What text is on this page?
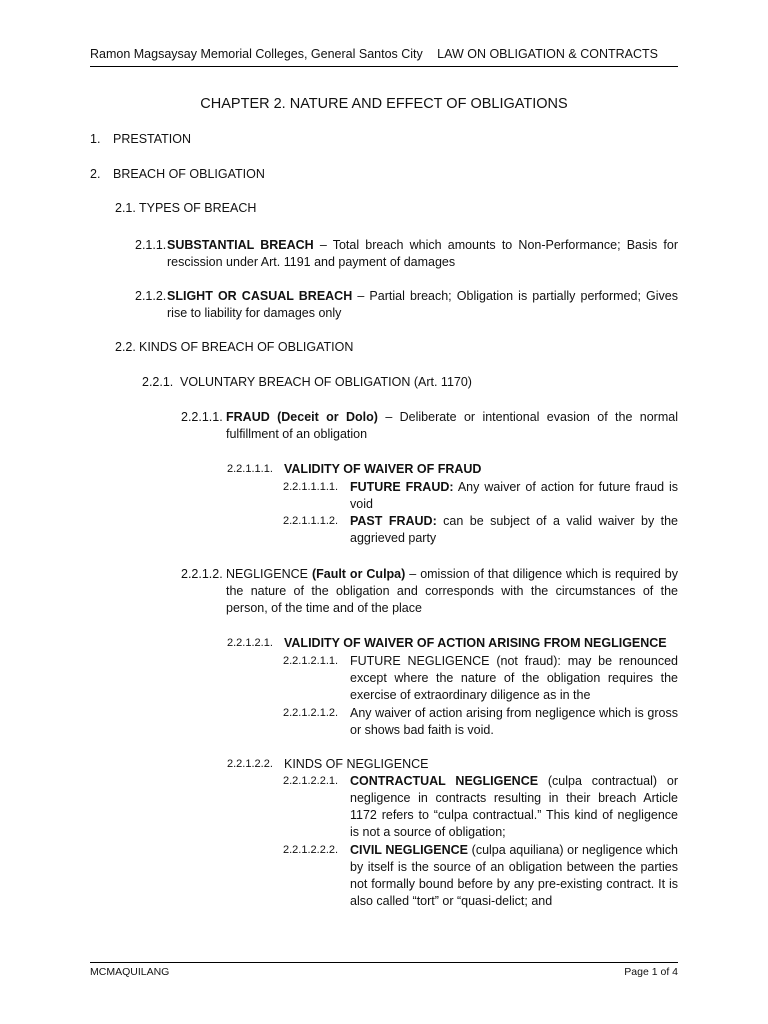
Ramon Magsaysay Memorial Colleges, General Santos City LAW ON OBLIGATION & CONTRACTS
CHAPTER 2. NATURE AND EFFECT OF OBLIGATIONS
1. PRESTATION
2. BREACH OF OBLIGATION
2.1. TYPES OF BREACH
2.1.1. SUBSTANTIAL BREACH – Total breach which amounts to Non-Performance; Basis for rescission under Art. 1191 and payment of damages
2.1.2. SLIGHT OR CASUAL BREACH – Partial breach; Obligation is partially performed; Gives rise to liability for damages only
2.2. KINDS OF BREACH OF OBLIGATION
2.2.1. VOLUNTARY BREACH OF OBLIGATION (Art. 1170)
2.2.1.1. FRAUD (Deceit or Dolo) – Deliberate or intentional evasion of the normal fulfillment of an obligation
2.2.1.1.1. VALIDITY OF WAIVER OF FRAUD
2.2.1.1.1.1. FUTURE FRAUD: Any waiver of action for future fraud is void
2.2.1.1.1.2. PAST FRAUD: can be subject of a valid waiver by the aggrieved party
2.2.1.2. NEGLIGENCE (Fault or Culpa) – omission of that diligence which is required by the nature of the obligation and corresponds with the circumstances of the person, of the time and of the place
2.2.1.2.1. VALIDITY OF WAIVER OF ACTION ARISING FROM NEGLIGENCE
2.2.1.2.1.1. FUTURE NEGLIGENCE (not fraud): may be renounced except where the nature of the obligation requires the exercise of extraordinary diligence as in the
2.2.1.2.1.2. Any waiver of action arising from negligence which is gross or shows bad faith is void.
2.2.1.2.2. KINDS OF NEGLIGENCE
2.2.1.2.2.1. CONTRACTUAL NEGLIGENCE (culpa contractual) or negligence in contracts resulting in their breach Article 1172 refers to “culpa contractual.” This kind of negligence is not a source of obligation;
2.2.1.2.2.2. CIVIL NEGLIGENCE (culpa aquiliana) or negligence which by itself is the source of an obligation between the parties not formally bound before by any pre-existing contract. It is also called “tort” or “quasi-delict; and
MCMAQUILANG	Page 1 of 4
